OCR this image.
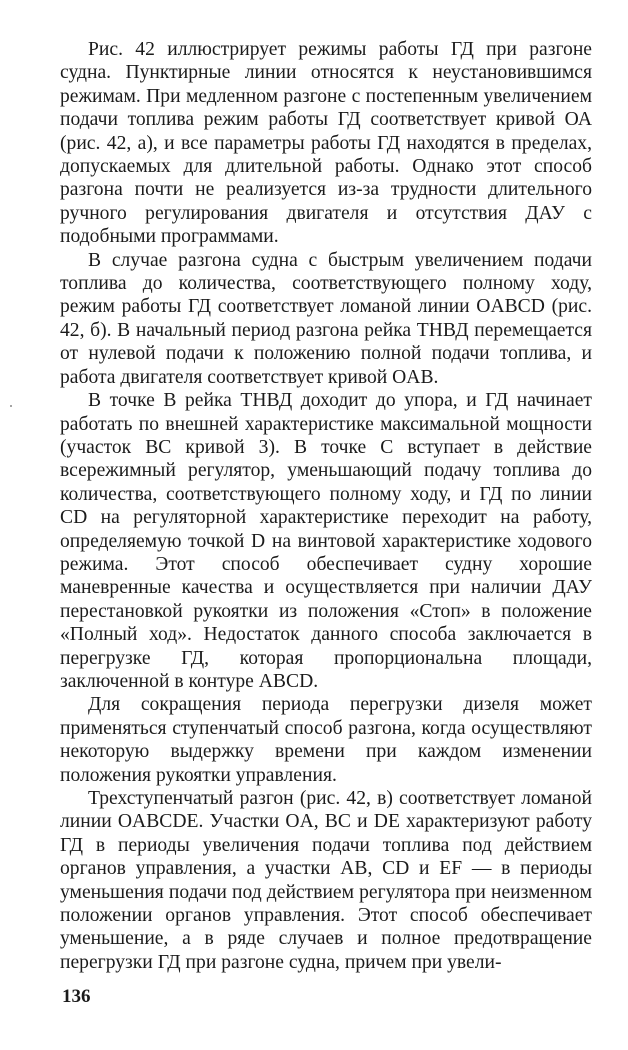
Рис. 42 иллюстрирует режимы работы ГД при разгоне судна. Пунктирные линии относятся к неустановившимся режимам. При медленном разгоне с постепенным увеличением подачи топлива режим работы ГД соответствует кривой ОА (рис. 42, а), и все параметры работы ГД находятся в пределах, допускаемых для длительной работы. Однако этот способ разгона почти не реализуется из-за трудности длительного ручного регулирования двигателя и отсутствия ДАУ с подобными программами.

В случае разгона судна с быстрым увеличением подачи топлива до количества, соответствующего полному ходу, режим работы ГД соответствует ломаной линии OABCD (рис. 42, б). В начальный период разгона рейка ТНВД перемещается от нулевой подачи к положению полной подачи топлива, и работа двигателя соответствует кривой OAB.

В точке B рейка ТНВД доходит до упора, и ГД начинает работать по внешней характеристике максимальной мощности (участок BC кривой 3). В точке C вступает в действие всережимный регулятор, уменьшающий подачу топлива до количества, соответствующего полному ходу, и ГД по линии CD на регуляторной характеристике переходит на работу, определяемую точкой D на винтовой характеристике ходового режима. Этот способ обеспечивает судну хорошие маневренные качества и осуществляется при наличии ДАУ перестановкой рукоятки из положения «Стоп» в положение «Полный ход». Недостаток данного способа заключается в перегрузке ГД, которая пропорциональна площади, заключенной в контуре ABCD.

Для сокращения периода перегрузки дизеля может применяться ступенчатый способ разгона, когда осуществляют некоторую выдержку времени при каждом изменении положения рукоятки управления.

Трехступенчатый разгон (рис. 42, в) соответствует ломаной линии OABCDE. Участки OA, BC и DE характеризуют работу ГД в периоды увеличения подачи топлива под действием органов управления, а участки AB, CD и EF — в периоды уменьшения подачи под действием регулятора при неизменном положении органов управления. Этот способ обеспечивает уменьшение, а в ряде случаев и полное предотвращение перегрузки ГД при разгоне судна, причем при увели-

136
